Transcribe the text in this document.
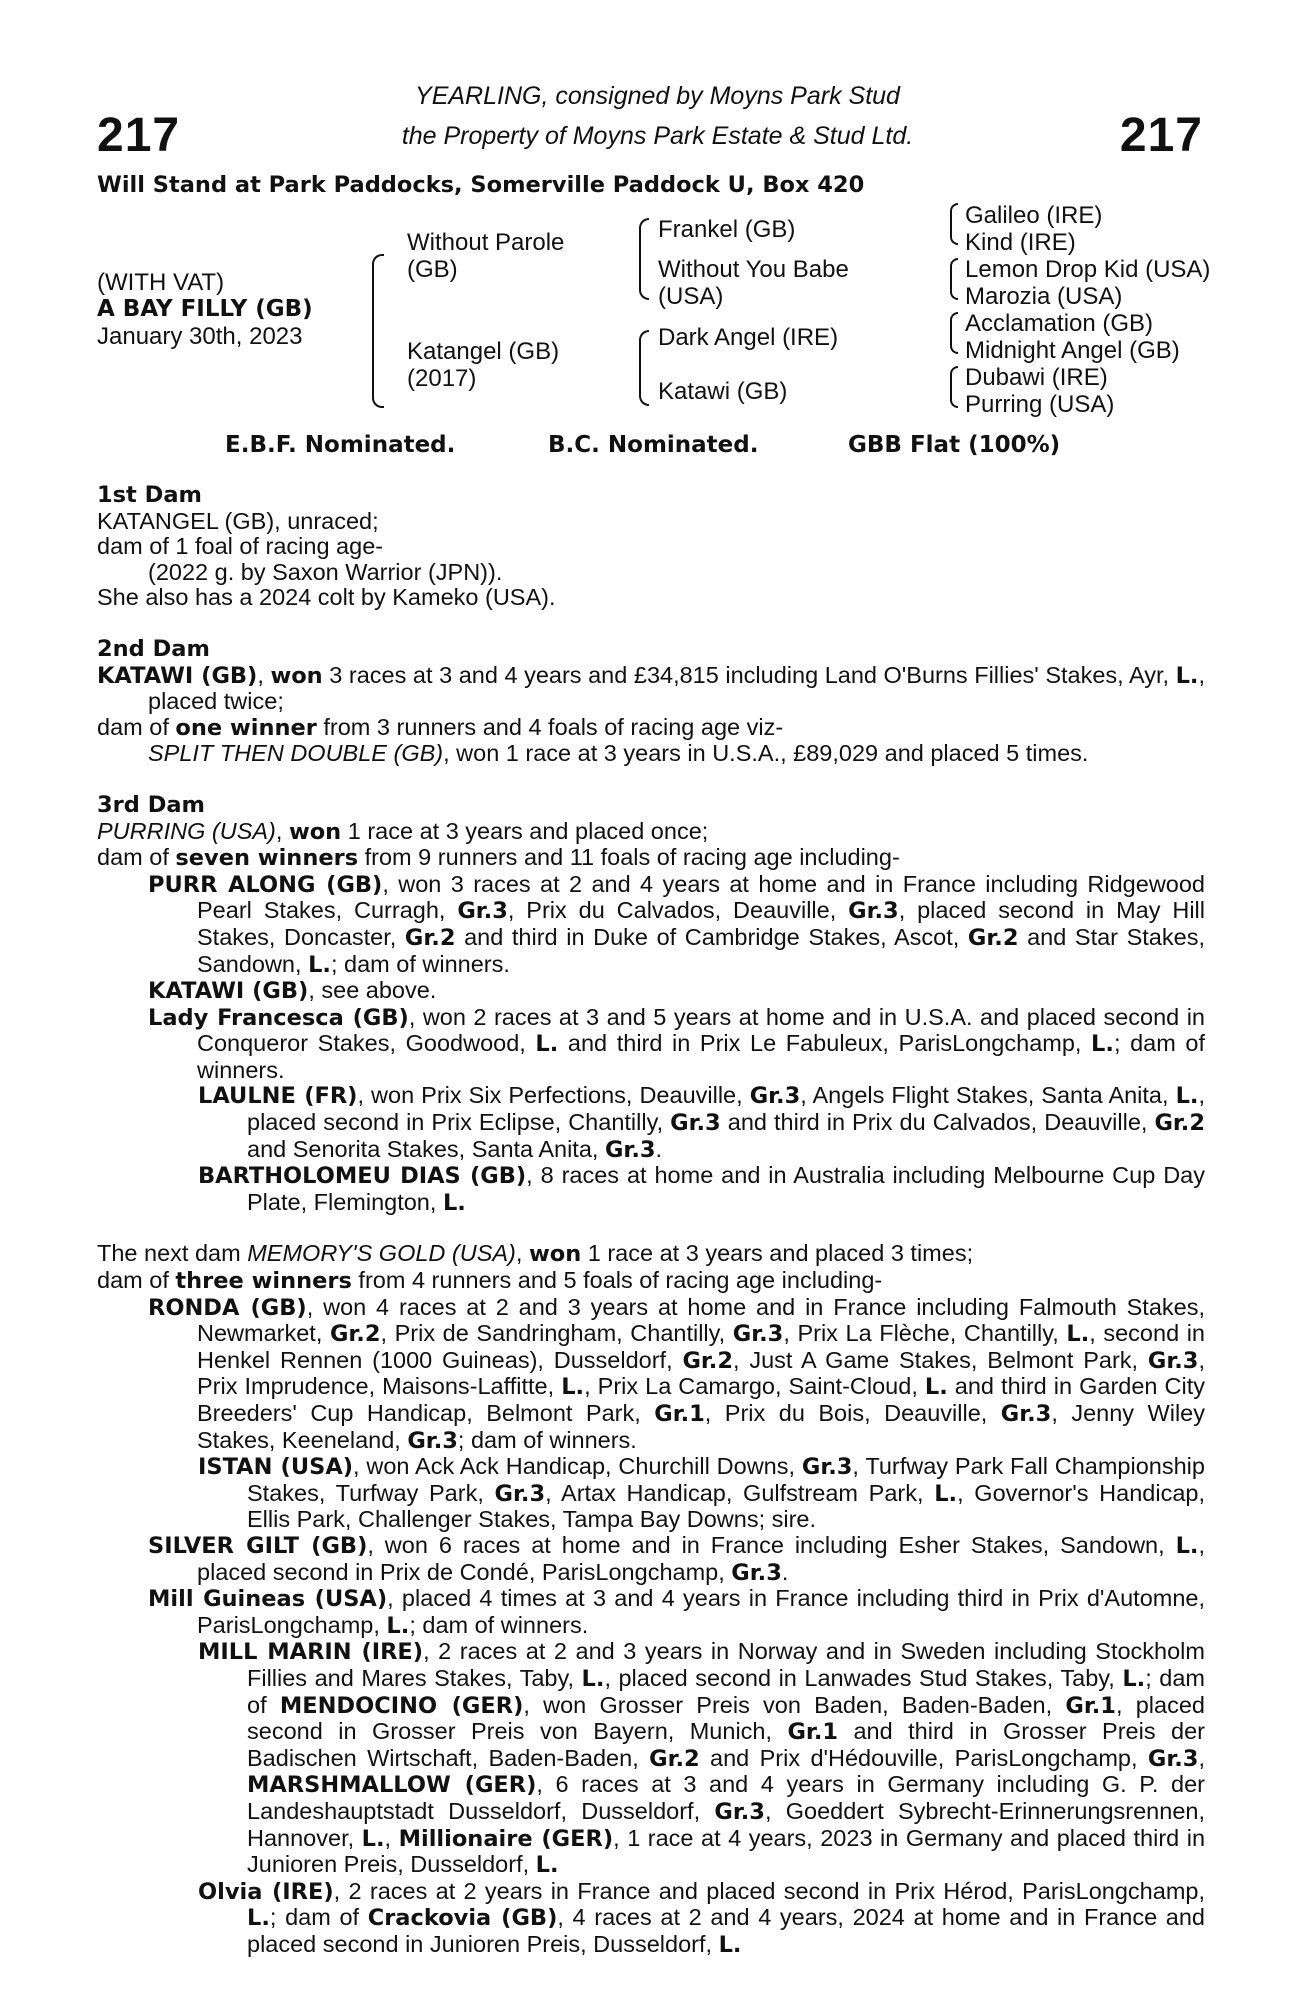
217	217
YEARLING, consigned by Moyns Park Stud
the Property of Moyns Park Estate & Stud Ltd.
Will Stand at Park Paddocks, Somerville Paddock U, Box 420
(WITH VAT)
A BAY FILLY (GB)
January 30th, 2023
Without Parole
(GB)
Katangel (GB)
(2017)
Frankel (GB)
Without You Babe
(USA)
Dark Angel (IRE)
Katawi (GB)
Galileo (IRE)
Kind (IRE)
Lemon Drop Kid (USA)
Marozia (USA)
Acclamation (GB)
Midnight Angel (GB)
Dubawi (IRE)
Purring (USA)
E.B.F. Nominated.	B.C. Nominated.	GBB Flat (100%)

1st Dam

KATANGEL (GB), unraced;

dam of 1 foal of racing age-

(2022 g. by Saxon Warrior (JPN)).

She also has a 2024 colt by Kameko (USA).

2nd Dam

KATAWI (GB), won 3 races at 3 and 4 years and £34,815 including Land O'Burns Fillies' Stakes, Ayr, L., placed twice;

dam of one winner from 3 runners and 4 foals of racing age viz-

SPLIT THEN DOUBLE (GB), won 1 race at 3 years in U.S.A., £89,029 and placed 5 times.

3rd Dam

PURRING (USA), won 1 race at 3 years and placed once;

dam of seven winners from 9 runners and 11 foals of racing age including-

PURR ALONG (GB), won 3 races at 2 and 4 years at home and in France including Ridgewood Pearl Stakes, Curragh, Gr.3, Prix du Calvados, Deauville, Gr.3, placed second in May Hill Stakes, Doncaster, Gr.2 and third in Duke of Cambridge Stakes, Ascot, Gr.2 and Star Stakes, Sandown, L.; dam of winners.

KATAWI (GB), see above.

Lady Francesca (GB), won 2 races at 3 and 5 years at home and in U.S.A. and placed second in Conqueror Stakes, Goodwood, L. and third in Prix Le Fabuleux, ParisLongchamp, L.; dam of winners.

LAULNE (FR), won Prix Six Perfections, Deauville, Gr.3, Angels Flight Stakes, Santa Anita, L., placed second in Prix Eclipse, Chantilly, Gr.3 and third in Prix du Calvados, Deauville, Gr.2 and Senorita Stakes, Santa Anita, Gr.3.

BARTHOLOMEU DIAS (GB), 8 races at home and in Australia including Melbourne Cup Day Plate, Flemington, L.

The next dam MEMORY'S GOLD (USA), won 1 race at 3 years and placed 3 times;

dam of three winners from 4 runners and 5 foals of racing age including-

RONDA (GB), won 4 races at 2 and 3 years at home and in France including Falmouth Stakes, Newmarket, Gr.2, Prix de Sandringham, Chantilly, Gr.3, Prix La Flèche, Chantilly, L., second in Henkel Rennen (1000 Guineas), Dusseldorf, Gr.2, Just A Game Stakes, Belmont Park, Gr.3, Prix Imprudence, Maisons-Laffitte, L., Prix La Camargo, Saint-Cloud, L. and third in Garden City Breeders' Cup Handicap, Belmont Park, Gr.1, Prix du Bois, Deauville, Gr.3, Jenny Wiley Stakes, Keeneland, Gr.3; dam of winners.

ISTAN (USA), won Ack Ack Handicap, Churchill Downs, Gr.3, Turfway Park Fall Championship Stakes, Turfway Park, Gr.3, Artax Handicap, Gulfstream Park, L., Governor's Handicap, Ellis Park, Challenger Stakes, Tampa Bay Downs; sire.

SILVER GILT (GB), won 6 races at home and in France including Esher Stakes, Sandown, L., placed second in Prix de Condé, ParisLongchamp, Gr.3.

Mill Guineas (USA), placed 4 times at 3 and 4 years in France including third in Prix d'Automne, ParisLongchamp, L.; dam of winners.

MILL MARIN (IRE), 2 races at 2 and 3 years in Norway and in Sweden including Stockholm Fillies and Mares Stakes, Taby, L., placed second in Lanwades Stud Stakes, Taby, L.; dam of MENDOCINO (GER), won Grosser Preis von Baden, Baden-Baden, Gr.1, placed second in Grosser Preis von Bayern, Munich, Gr.1 and third in Grosser Preis der Badischen Wirtschaft, Baden-Baden, Gr.2 and Prix d'Hédouville, ParisLongchamp, Gr.3, MARSHMALLOW (GER), 6 races at 3 and 4 years in Germany including G. P. der Landeshauptstadt Dusseldorf, Dusseldorf, Gr.3, Goeddert Sybrecht-Erinnerungsrennen, Hannover, L., Millionaire (GER), 1 race at 4 years, 2023 in Germany and placed third in Junioren Preis, Dusseldorf, L.

Olvia (IRE), 2 races at 2 years in France and placed second in Prix Hérod, ParisLongchamp, L.; dam of Crackovia (GB), 4 races at 2 and 4 years, 2024 at home and in France and placed second in Junioren Preis, Dusseldorf, L.
